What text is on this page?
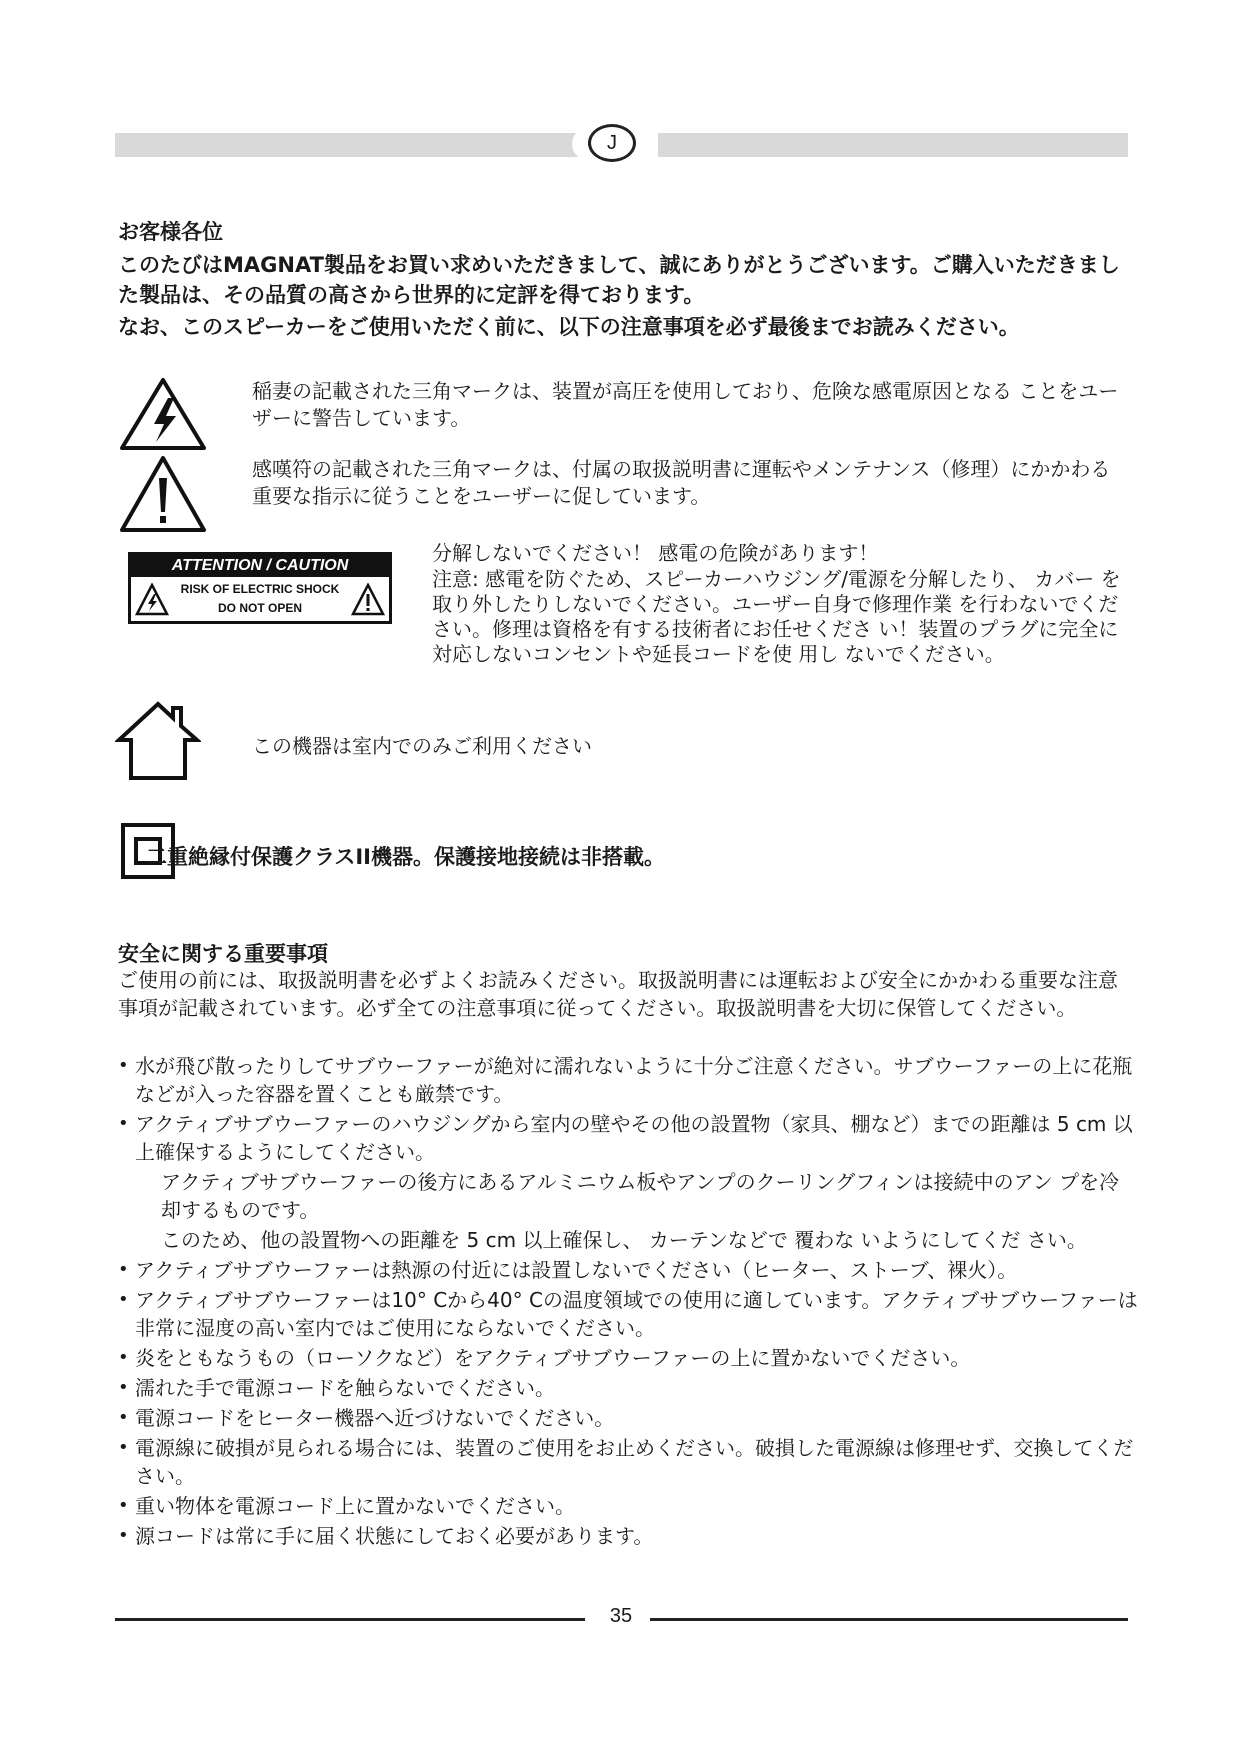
J
お客様各位
このたびはMAGNAT製品をお買い求めいただきまして、誠にありがとうございます。ご購入いただきました製品は、その品質の高さから世界的に定評を得ております。
なお、このスピーカーをご使用いただく前に、以下の注意事項を必ず最後までお読みください。
稲妻の記載された三角マークは、装置が高圧を使用しており、危険な感電原因となる ことをユーザーに警告しています。
感嘆符の記載された三角マークは、付属の取扱説明書に運転やメンテナンス（修理）にかかわる重要な指示に従うことをユーザーに促しています。
ATTENTION / CAUTION
RISK OF ELECTRIC SHOCK
DO NOT OPEN
分解しないでください！ 感電の危険があります！
注意: 感電を防ぐため、スピーカーハウジング/電源を分解したり、 カバー を取り外したりしないでください。ユーザー自身で修理作業 を行わないでください。修理は資格を有する技術者にお任せくださ い！装置のプラグに完全に対応しないコンセントや延長コードを使 用し ないでください。
この機器は室内でのみご利用ください
二重絶縁付保護クラスII機器。保護接地接続は非搭載。
安全に関する重要事項
ご使用の前には、取扱説明書を必ずよくお読みください。取扱説明書には運転および安全にかかわる重要な注意事項が記載されています。必ず全ての注意事項に従ってください。取扱説明書を大切に保管してください。
• 水が飛び散ったりしてサブウーファーが絶対に濡れないように十分ご注意ください。サブウーファーの上に花瓶などが入った容器を置くことも厳禁です。
• アクティブサブウーファーのハウジングから室内の壁やその他の設置物（家具、棚など）までの距離は 5 cm 以上確保するようにしてください。
アクティブサブウーファーの後方にあるアルミニウム板やアンプのクーリングフィンは接続中のアン プを冷却するものです。
このため、他の設置物への距離を 5 cm 以上確保し、 カーテンなどで 覆わな いようにしてくだ さい。
• アクティブサブウーファーは熱源の付近には設置しないでください（ヒーター、ストーブ、裸火）。
• アクティブサブウーファーは10° Cから40° Cの温度領域での使用に適しています。アクティブサブウーファーは非常に湿度の高い室内ではご使用にならないでください。
• 炎をともなうもの（ローソクなど）をアクティブサブウーファーの上に置かないでください。
• 濡れた手で電源コードを触らないでください。
• 電源コードをヒーター機器へ近づけないでください。
• 電源線に破損が見られる場合には、装置のご使用をお止めください。破損した電源線は修理せず、交換してください。
• 重い物体を電源コード上に置かないでください。
• 源コードは常に手に届く状態にしておく必要があります。
35
